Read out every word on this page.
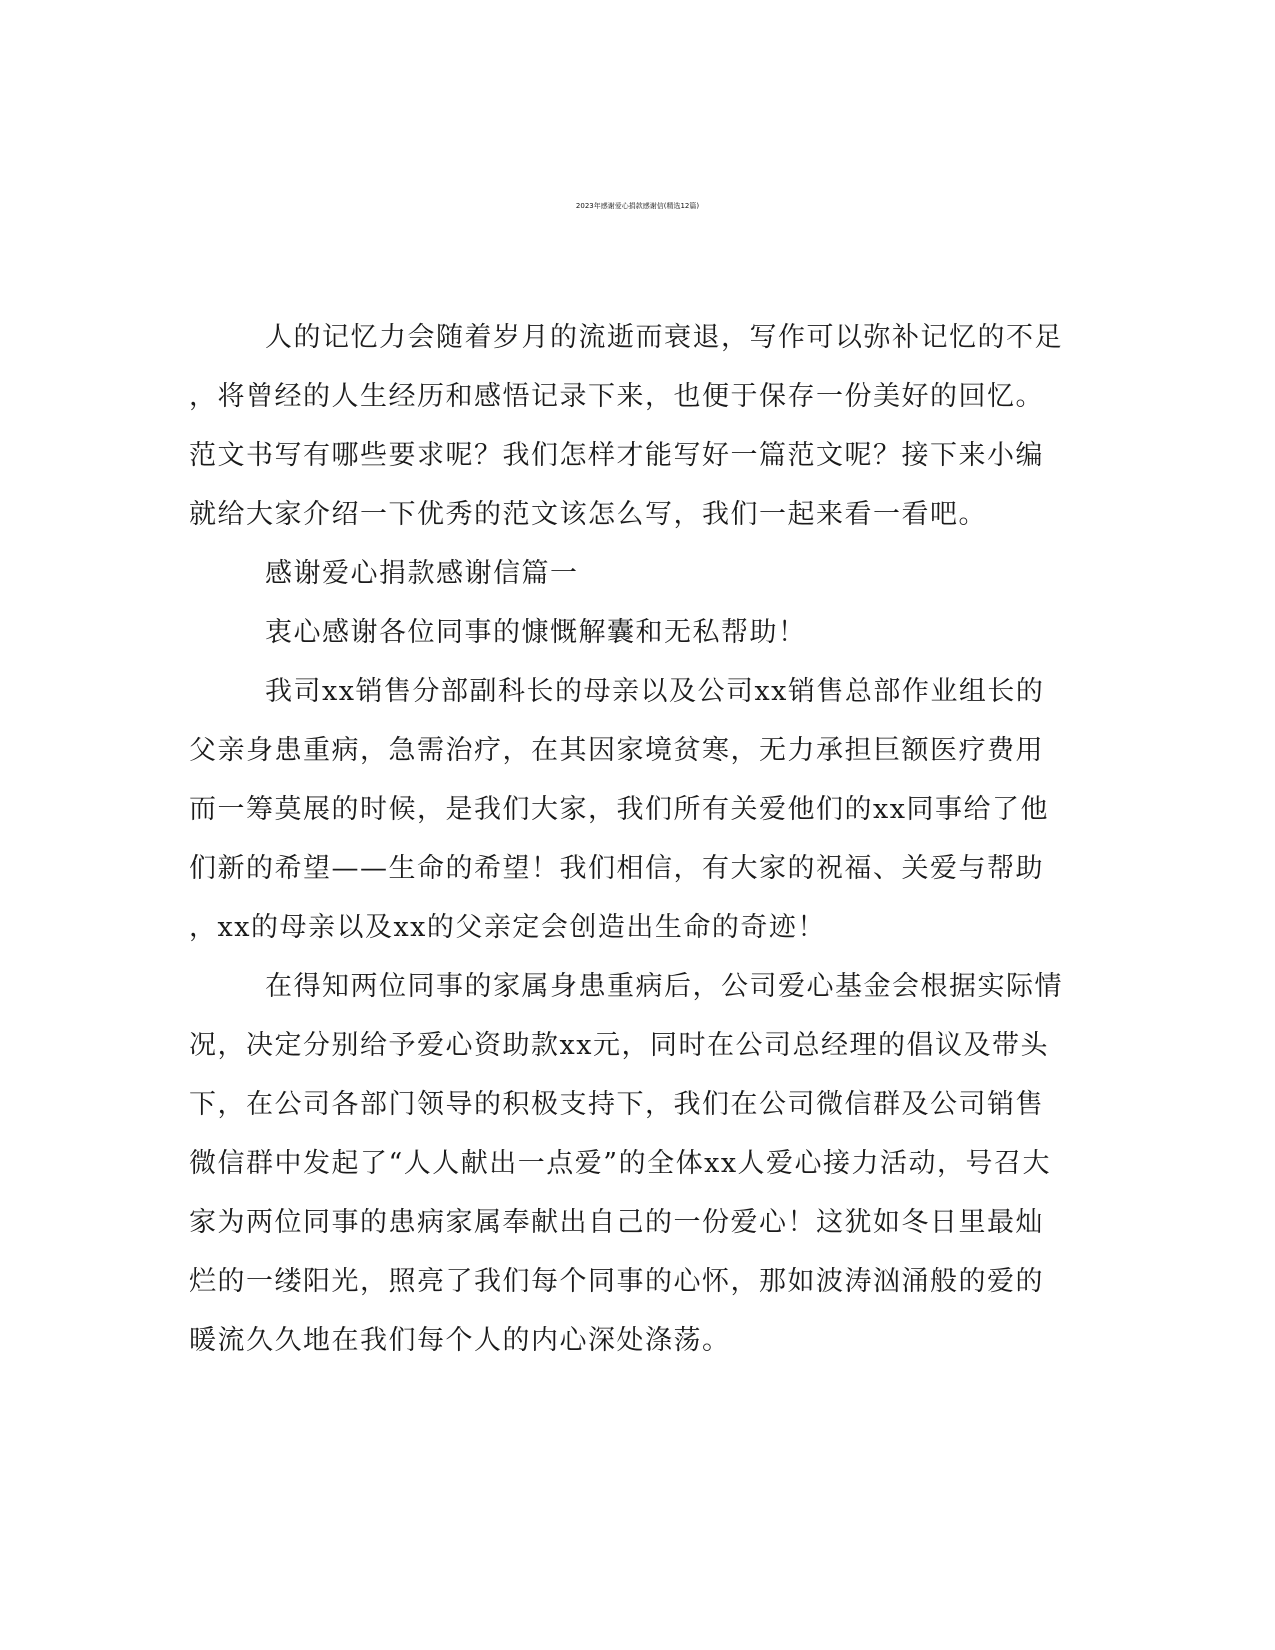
2023年感谢爱心捐款感谢信(精选12篇)
人的记忆力会随着岁月的流逝而衰退，写作可以弥补记忆的不足
，将曾经的人生经历和感悟记录下来，也便于保存一份美好的回忆。
范文书写有哪些要求呢？我们怎样才能写好一篇范文呢？接下来小编
就给大家介绍一下优秀的范文该怎么写，我们一起来看一看吧。
感谢爱心捐款感谢信篇一
衷心感谢各位同事的慷慨解囊和无私帮助！
我司xx销售分部副科长的母亲以及公司xx销售总部作业组长的
父亲身患重病，急需治疗，在其因家境贫寒，无力承担巨额医疗费用
而一筹莫展的时候，是我们大家，我们所有关爱他们的xx同事给了他
们新的希望——生命的希望！我们相信，有大家的祝福、关爱与帮助
，xx的母亲以及xx的父亲定会创造出生命的奇迹！
在得知两位同事的家属身患重病后，公司爱心基金会根据实际情
况，决定分别给予爱心资助款xx元，同时在公司总经理的倡议及带头
下，在公司各部门领导的积极支持下，我们在公司微信群及公司销售
微信群中发起了“人人献出一点爱”的全体xx人爱心接力活动，号召大
家为两位同事的患病家属奉献出自己的一份爱心！这犹如冬日里最灿
烂的一缕阳光，照亮了我们每个同事的心怀，那如波涛汹涌般的爱的
暖流久久地在我们每个人的内心深处涤荡。
